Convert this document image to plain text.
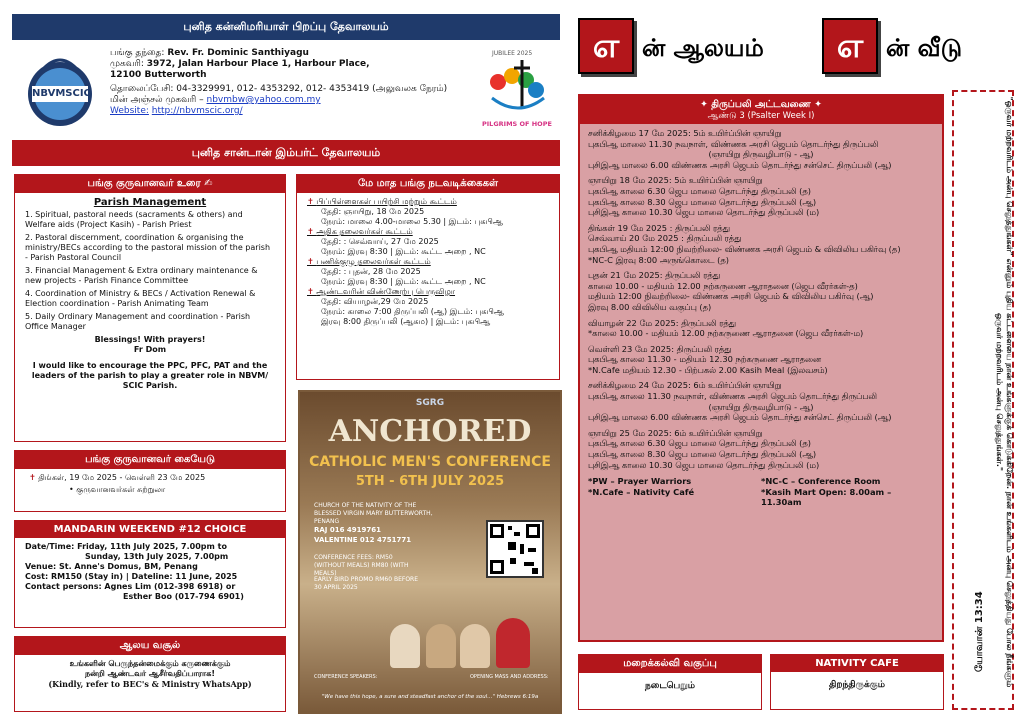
புனித கன்னிமரியாள் பிறப்பு தேவாலயம்
NBVMSCIC
பங்கு தந்தை: Rev. Fr. Dominic Santhiyagu
முகவரி: 3972, Jalan Harbour Place 1, Harbour Place,
12100 Butterworth
தொலைப்பேசி: 04-3329991, 012- 4353292, 012- 4353419 (அலுவலக நேரம்)
மின் அஞ்சல் முகவரி – nbvmbw@yahoo.com.my
Website: http://nbvmscic.org/
JUBILEE 2025
PILGRIMS OF HOPE
புனித சான்டான் இம்பர்ட் தேவாலயம்
எ ன் ஆலயம்	எ ன் வீடு
பங்கு குருவானவர் உரை ✍
Parish Management
1. Spiritual, pastoral needs (sacraments & others) and Welfare aids (Project Kasih) - Parish Priest
2. Pastoral discernment, coordination & organising the ministry/BECs according to the pastoral mission of the parish - Parish Pastoral Council
3. Financial Management & Extra ordinary maintenance & new projects - Parish Finance Committee
4. Coordination of Ministry & BECs / Activation Renewal & Election coordination - Parish Animating Team
5. Daily Ordinary Management and coordination - Parish Office Manager
Blessings! With prayers!
Fr Dom
I would like to encourage the PPC, PFC, PAT and the leaders of the parish to play a greater role in NBVM/ SCIC Parish.
பங்கு குருவானவர் கையேடு
✝ திங்கள், 19 மே 2025 - வெள்ளி 23 மே 2025
• குருவானவர்கள் சுற்றுலா
MANDARIN WEEKEND #12 CHOICE
Date/Time: Friday, 11th July 2025, 7.00pm to
Sunday, 13th July 2025, 7.00pm
Venue: St. Anne's Domus, BM, Penang
Cost: RM150 (Stay in) | Dateline: 11 June, 2025
Contact persons: Agnes Lim (012-398 6918) or
Esther Boo (017-794 6901)
ஆலய வசூல்
உங்களின் பெருந்தன்மைக்கும் கருணைக்கும்
நன்றி ஆண்டவர் ஆசீர்வதிப்பாராக!
(Kindly, refer to BEC's & Ministry WhatsApp)
மே மாத பங்கு நடவடிக்கைகள்
✝ பிப்பிள்ளைகள் பயிற்சி மற்றும் கூட்டம்
தேதி: ஞாயிறு, 18 மே 2025
நேரம்: மாலை 4.00-மாலை 5.30 | இடம்: புகபிஆ
✝ அதிக தலைவர்கள் கூட்டம்
தேதி: : செவ்வாய், 27 மே 2025
நேரம்: இரவு 8:30 | இடம்: கூட்ட அறை , NC
✝ பணிக்குழு தலைவர்கள் கூட்டம்
தேதி: : புதன், 28 மே 2025
நேரம்: இரவு 8:30 | இடம்: கூட்ட அறை , NC
✝ ஆண்டவரின் விண்ணேற்பு பெருவிழா
தேதி: வியாழன்,29 மே 2025
நேரம்: காலை 7:00 திருப்பலி (ஆ) இடம்: புகபிஆ
இரவு 8:00 திருப்பலி (ஆகம) | இடம்: புகபிஆ
SGRG
ANCHORED
CATHOLIC MEN'S CONFERENCE
5TH - 6TH JULY 2025
CHURCH OF THE NATIVITY OF THE BLESSED VIRGIN MARY BUTTERWORTH, PENANG
RAJ 016 4919761
VALENTINE 012 4751771
CONFERENCE FEES: RM50 (WITHOUT MEALS) RM80 (WITH MEALS)
EARLY BIRD PROMO RM60 BEFORE 30 APRIL 2025
CONFERENCE SPEAKERS:	OPENING MASS AND ADDRESS:
"We have this hope, a sure and steadfast anchor of the soul..." Hebrews 6:19a
✦ திருப்பலி அட்டவணை ✦
ஆண்டு 3 (Psalter Week I)

சனிக்கிழமை 17 மே 2025: 5ம் உயிர்ப்பின் ஞாயிறு

புகபிஆ மாலை 11.30 நவநாள், விண்ணக அரசி ஜெபம் தொடர்ந்து திருப்பலி

(ஞாயிறு திருவழிபாடு - ஆ)

புசிஇஆ மாலை 6.00 விண்ணக அரசி ஜெபம் தொடர்ந்து சன்செட் திருப்பலி (ஆ)

ஞாயிறு 18 மே 2025: 5ம் உயிர்ப்பின் ஞாயிறு

புகபிஆ காலை 6.30 ஜெப மாலை தொடர்ந்து திருப்பலி (த)

புகபிஆ காலை 8.30 ஜெப மாலை தொடர்ந்து திருப்பலி (ஆ)

புசிஇஆ காலை 10.30 ஜெப மாலை தொடர்ந்து திருப்பலி (ம)

திங்கள் 19 மே 2025 : திருப்பலி ரத்து

செவ்வாய் 20 மே 2025 : திருப்பலி ரத்து

புகபிஆ மதியம் 12:00 நிவற்றிலை- விண்ணக அரசி ஜெபம் & விவிலிய பகிர்வு (த)

*NC-C இரவு 8:00 அருங்கொடை (த)

புதன் 21 மே 2025: திருப்பலி ரத்து

காலை 10.00 - மதியம் 12.00 நற்கருணை ஆராதனை (ஜெப வீரர்கள்-த)

மதியம் 12:00 நிவற்றிலை- விண்ணக அரசி ஜெபம் & விவிலிய பகிர்வு (ஆ)

இரவு 8.00 விவிலிய வகுப்பு (த)

வியாழன் 22 மே 2025: திருப்பலி ரத்து

*காலை 10.00 - மதியம் 12.00 நற்கருணை ஆராதனை (ஜெப வீரர்கள்-ம)

வெள்ளி 23 மே 2025: திருப்பலி ரத்து

புகபிஆ காலை 11.30 - மதியம் 12.30 நற்கருணை ஆராதனை

*N.Cafe மதியம் 12.30 - பிற்பகல் 2.00 Kasih Meal (இலவசம்)

சனிக்கிழமை 24 மே 2025: 6ம் உயிர்ப்பின் ஞாயிறு

புகபிஆ காலை 11.30 நவநாள், விண்ணக அரசி ஜெபம் தொடர்ந்து திருப்பலி

(ஞாயிறு திருவழிபாடு - ஆ)

புசிஇஆ மாலை 6.00 விண்ணக அரசி ஜெபம் தொடர்ந்து சன்செட் திருப்பலி (ஆ)

ஞாயிறு 25 மே 2025: 6ம் உயிர்ப்பின் ஞாயிறு

புகபிஆ காலை 6.30 ஜெப மாலை தொடர்ந்து திருப்பலி (த)

புகபிஆ காலை 8.30 ஜெப மாலை தொடர்ந்து திருப்பலி (ஆ)

புசிஇஆ காலை 10.30 ஜெப மாலை தொடர்ந்து திருப்பலி (ம)

*PW – Prayer Warriors	*NC-C – Conference Room

*N.Cafe – Nativity Café	*Kasih Mart Open: 8.00am – 11.30am

மறைக்கல்வி வகுப்பு
நடைபெறும்
NATIVITY CAFE
திறந்திருக்கும்
யோவான் 13:34	"ஒருவர் மற்றவரிடம் அன்பு செலுத்துங்கள்" என்னும் புதிய கட்டளையை நான் உங்களுக்குக் கொடுக்கிறேன். நான் உங்களிடம் அன்பு செலுத்தியது போல நீங்களும் ஒருவர் மற்றவரிடம் அன்பு செலுத்துங்கள்."
